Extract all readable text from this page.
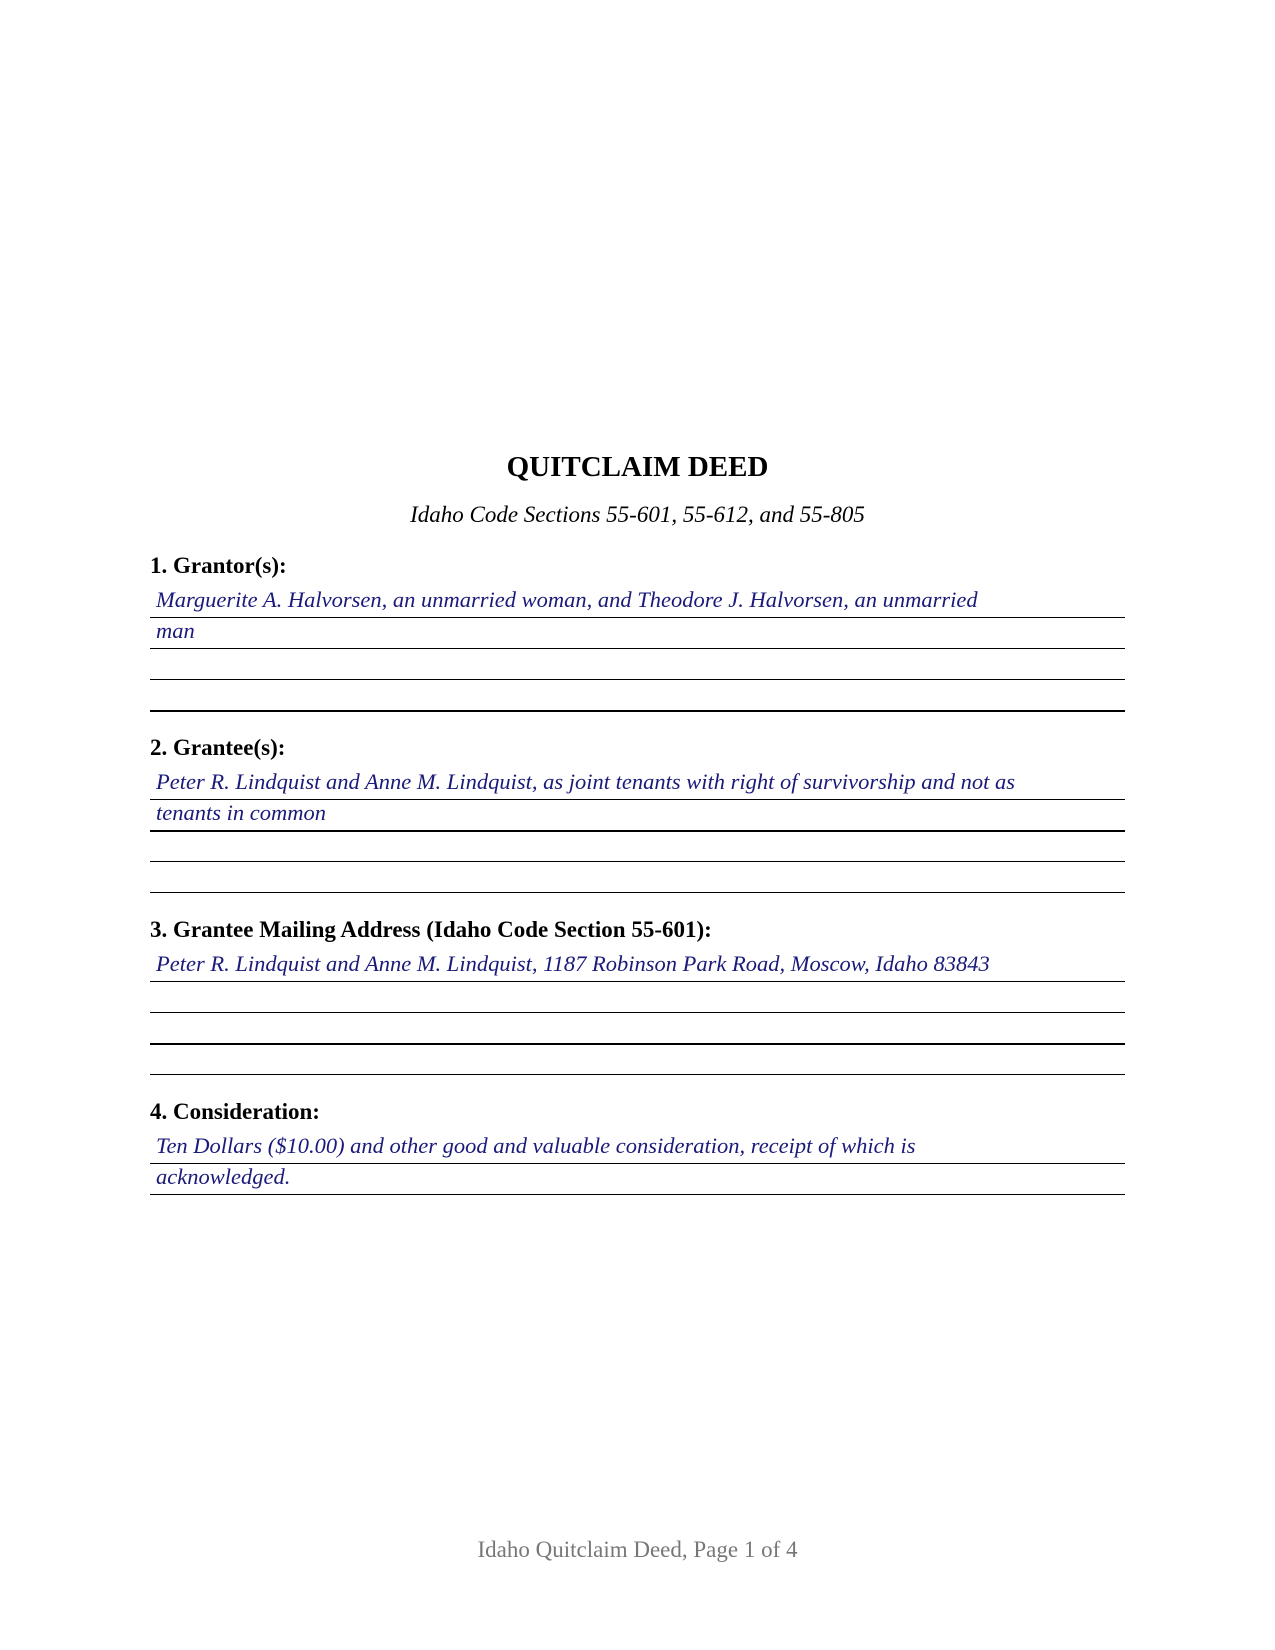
QUITCLAIM DEED
Idaho Code Sections 55-601, 55-612, and 55-805
1. Grantor(s):
Marguerite A. Halvorsen, an unmarried woman, and Theodore J. Halvorsen, an unmarried
man
2. Grantee(s):
Peter R. Lindquist and Anne M. Lindquist, as joint tenants with right of survivorship and not as
tenants in common
3. Grantee Mailing Address (Idaho Code Section 55-601):
Peter R. Lindquist and Anne M. Lindquist, 1187 Robinson Park Road, Moscow, Idaho 83843
4. Consideration:
Ten Dollars ($10.00) and other good and valuable consideration, receipt of which is
acknowledged.
Idaho Quitclaim Deed, Page 1 of 4
